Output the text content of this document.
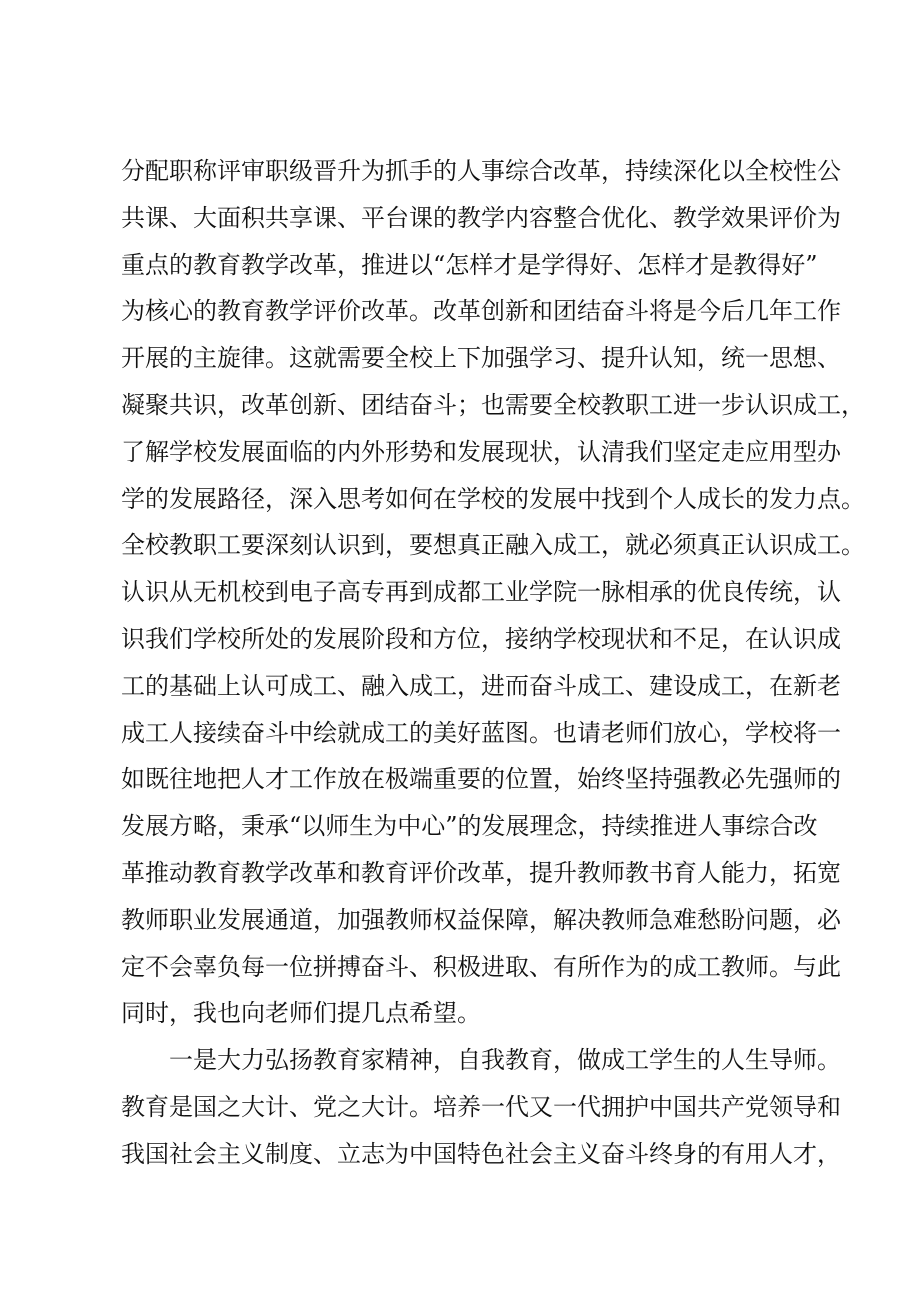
分配职称评审职级晋升为抓手的人事综合改革，持续深化以全校性公
共课、大面积共享课、平台课的教学内容整合优化、教学效果评价为
重点的教育教学改革，推进以“怎样才是学得好、怎样才是教得好”
为核心的教育教学评价改革。改革创新和团结奋斗将是今后几年工作
开展的主旋律。这就需要全校上下加强学习、提升认知，统一思想、
凝聚共识，改革创新、团结奋斗；也需要全校教职工进一步认识成工，
了解学校发展面临的内外形势和发展现状，认清我们坚定走应用型办
学的发展路径，深入思考如何在学校的发展中找到个人成长的发力点。
全校教职工要深刻认识到，要想真正融入成工，就必须真正认识成工。
认识从无机校到电子高专再到成都工业学院一脉相承的优良传统，认
识我们学校所处的发展阶段和方位，接纳学校现状和不足，在认识成
工的基础上认可成工、融入成工，进而奋斗成工、建设成工，在新老
成工人接续奋斗中绘就成工的美好蓝图。也请老师们放心，学校将一
如既往地把人才工作放在极端重要的位置，始终坚持强教必先强师的
发展方略，秉承“以师生为中心”的发展理念，持续推进人事综合改
革推动教育教学改革和教育评价改革，提升教师教书育人能力，拓宽
教师职业发展通道，加强教师权益保障，解决教师急难愁盼问题，必
定不会辜负每一位拼搏奋斗、积极进取、有所作为的成工教师。与此
同时，我也向老师们提几点希望。
一是大力弘扬教育家精神，自我教育，做成工学生的人生导师。
教育是国之大计、党之大计。培养一代又一代拥护中国共产党领导和
我国社会主义制度、立志为中国特色社会主义奋斗终身的有用人才，
